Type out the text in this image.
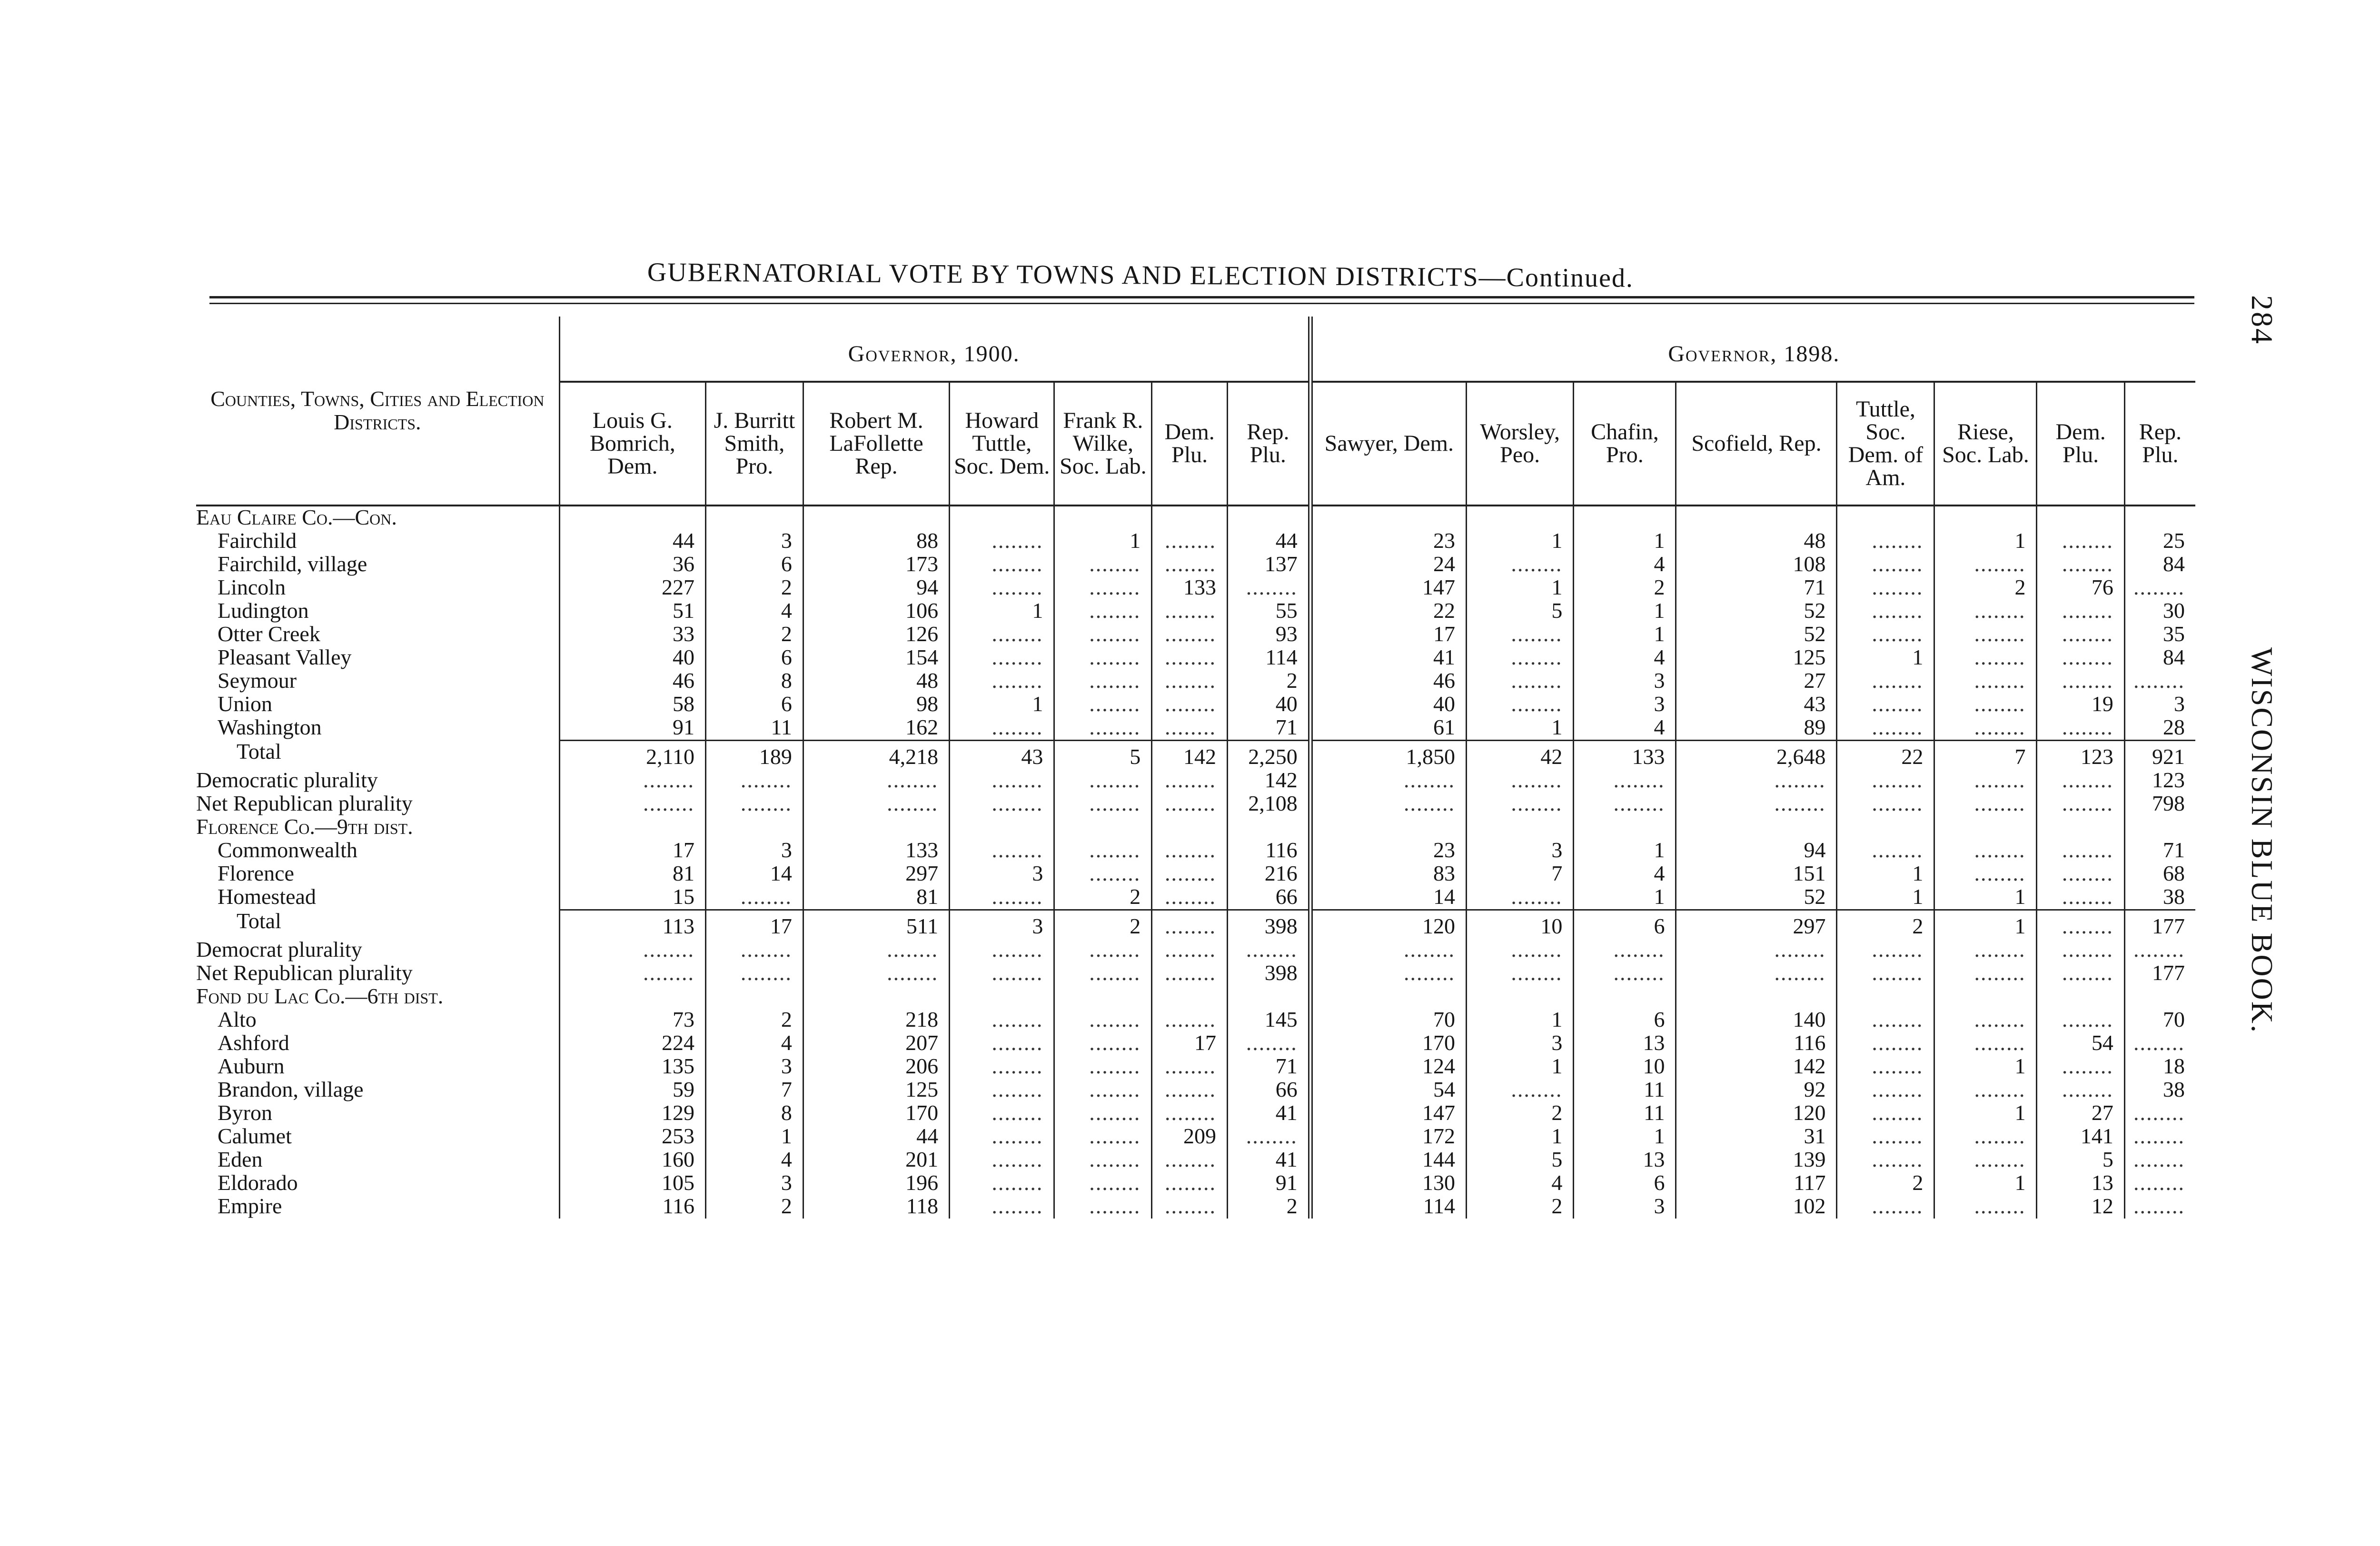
GUBERNATORIAL VOTE BY TOWNS AND ELECTION DISTRICTS—Continued.
284
WISCONSIN BLUE BOOK.
Counties, Towns, Cities and Election Districts.	Governor, 1900.							Governor, 1898.							
	Louis G. Bomrich, Dem.	J. Burritt Smith, Pro.	Robert M. LaFollette Rep.	Howard Tuttle, Soc. Dem.	Frank R. Wilke, Soc. Lab.	Dem. Plu.	Rep. Plu.	Sawyer, Dem.	Worsley, Peo.	Chafin, Pro.	Scofield, Rep.	Tuttle, Soc. Dem. of Am.	Riese, Soc. Lab.	Dem. Plu.	Rep. Plu.
Eau Claire Co.—Con.															
Fairchild	44	3	88	........	1	........	44	23	1	1	48	........	1	........	25
Fairchild, village	36	6	173	........	........	........	137	24	........	4	108	........	........	........	84
Lincoln	227	2	94	........	........	133	........	147	1	2	71	........	2	76	........
Ludington	51	4	106	1	........	........	55	22	5	1	52	........	........	........	30
Otter Creek	33	2	126	........	........	........	93	17	........	1	52	........	........	........	35
Pleasant Valley	40	6	154	........	........	........	114	41	........	4	125	1	........	........	84
Seymour	46	8	48	........	........	........	2	46	........	3	27	........	........	........	........
Union	58	6	98	1	........	........	40	40	........	3	43	........	........	19	3
Washington	91	11	162	........	........	........	71	61	1	4	89	........	........	........	28
Total	2,110	189	4,218	43	5	142	2,250	1,850	42	133	2,648	22	7	123	921
Democratic plurality	........	........	........	........	........	........	142	........	........	........	........	........	........	........	123
Net Republican plurality	........	........	........	........	........	........	2,108	........	........	........	........	........	........	........	798
Florence Co.—9th dist.															
Commonwealth	17	3	133	........	........	........	116	23	3	1	94	........	........	........	71
Florence	81	14	297	3	........	........	216	83	7	4	151	1	........	........	68
Homestead	15	........	81	........	2	........	66	14	........	1	52	1	1	........	38
Total	113	17	511	3	2	........	398	120	10	6	297	2	1	........	177
Democrat plurality	........	........	........	........	........	........	........	........	........	........	........	........	........	........	........
Net Republican plurality	........	........	........	........	........	........	398	........	........	........	........	........	........	........	177
Fond du Lac Co.—6th dist.															
Alto	73	2	218	........	........	........	145	70	1	6	140	........	........	........	70
Ashford	224	4	207	........	........	17	........	170	3	13	116	........	........	54	........
Auburn	135	3	206	........	........	........	71	124	1	10	142	........	1	........	18
Brandon, village	59	7	125	........	........	........	66	54	........	11	92	........	........	........	38
Byron	129	8	170	........	........	........	41	147	2	11	120	........	1	27	........
Calumet	253	1	44	........	........	209	........	172	1	1	31	........	........	141	........
Eden	160	4	201	........	........	........	41	144	5	13	139	........	........	5	........
Eldorado	105	3	196	........	........	........	91	130	4	6	117	2	1	13	........
Empire	116	2	118	........	........	........	2	114	2	3	102	........	........	12	........
